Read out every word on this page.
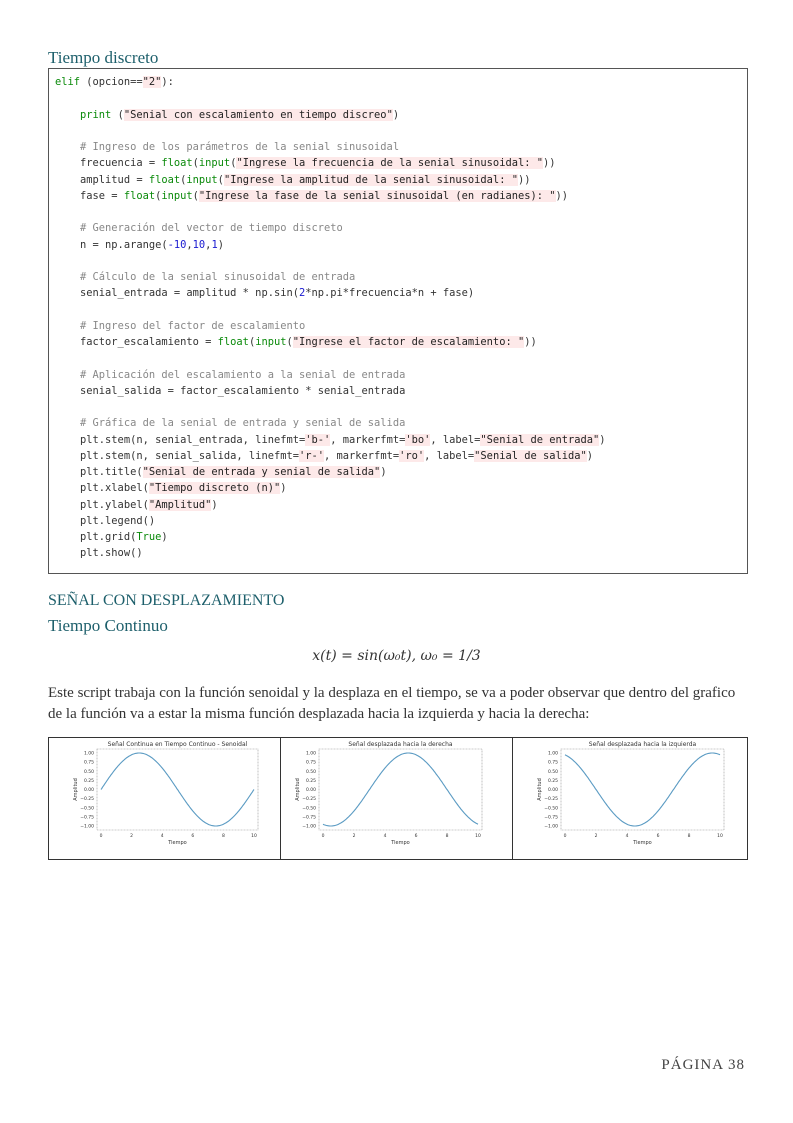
Tiempo discreto
elif (opcion=="2"):
print ("Senial con escalamiento en tiempo discreo")
# Ingreso de los parámetros de la senial sinusoidal
frecuencia = float(input("Ingrese la frecuencia de la senial sinusoidal: "))
amplitud = float(input("Ingrese la amplitud de la senial sinusoidal: "))
fase = float(input("Ingrese la fase de la senial sinusoidal (en radianes): "))
# Generación del vector de tiempo discreto
n = np.arange(-10,10,1)
# Cálculo de la senial sinusoidal de entrada
senial_entrada = amplitud * np.sin(2*np.pi*frecuencia*n + fase)
# Ingreso del factor de escalamiento
factor_escalamiento = float(input("Ingrese el factor de escalamiento: "))
# Aplicación del escalamiento a la senial de entrada
senial_salida = factor_escalamiento * senial_entrada
# Gráfica de la senial de entrada y senial de salida
plt.stem(n, senial_entrada, linefmt='b-', markerfmt='bo', label="Senial de entrada")
plt.stem(n, senial_salida, linefmt='r-', markerfmt='ro', label="Senial de salida")
plt.title("Senial de entrada y senial de salida")
plt.xlabel("Tiempo discreto (n)")
plt.ylabel("Amplitud")
plt.legend()
plt.grid(True)
plt.show()
SEÑAL CON DESPLAZAMIENTO
Tiempo Continuo
x(t) = sin(ω₀t), ω₀ = 1/3
Este script trabaja con la función senoidal y la desplaza en el tiempo, se va a poder observar que dentro del grafico de la función va a estar la misma función desplazada hacia la izquierda y hacia la derecha:
Señal Continua en Tiempo Continuo - Senoidal
0	2	4	6	8	10
1.00
0.75
0.50
0.25
0.00
−0.25
−0.50
−0.75
−1.00
Tiempo
Amplitud
Señal desplazada hacia la derecha
0	2	4	6	8	10
1.00
0.75
0.50
0.25
0.00
−0.25
−0.50
−0.75
−1.00
Tiempo
Amplitud
Señal desplazada hacia la izquierda
0	2	4	6	8	10
1.00
0.75
0.50
0.25
0.00
−0.25
−0.50
−0.75
−1.00
Tiempo
Amplitud
PÁGINA 38
